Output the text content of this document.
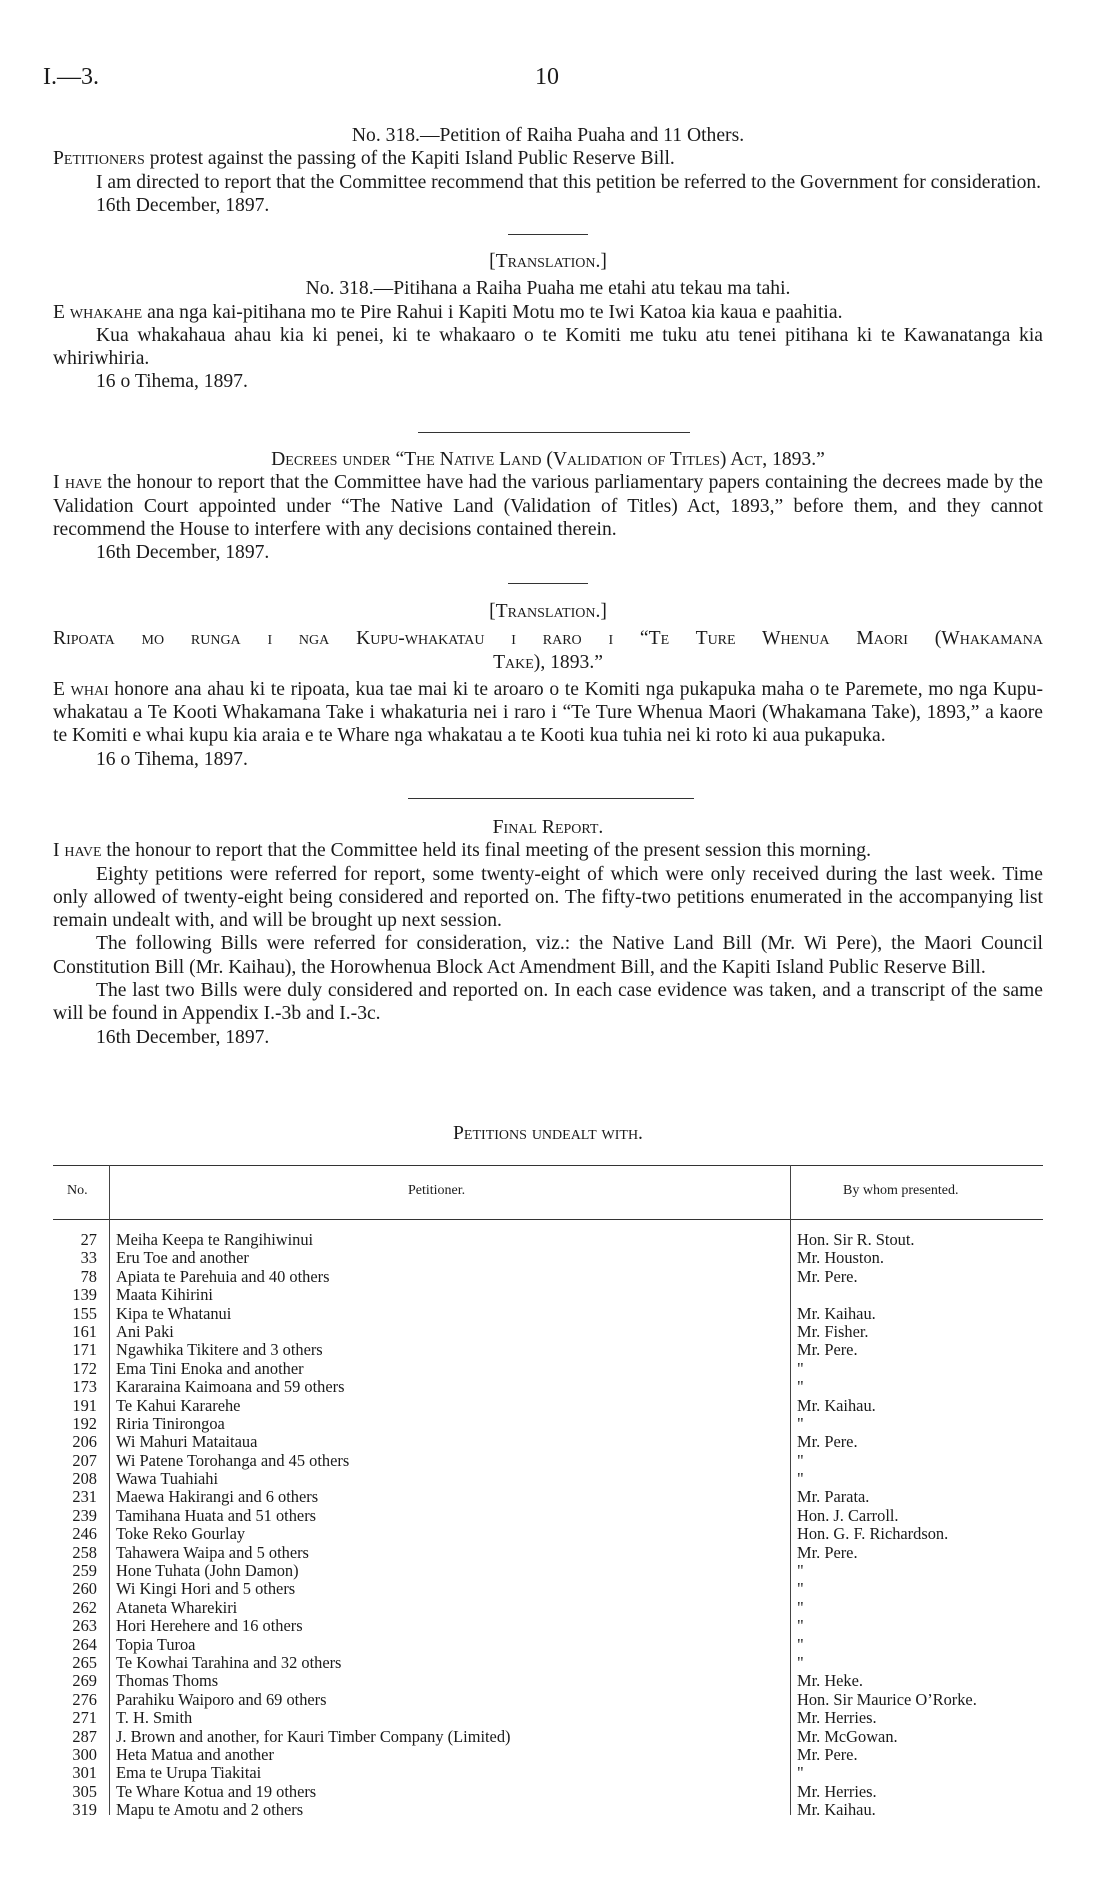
I.—3.	10

No. 318.—Petition of Raiha Puaha and 11 Others.

Petitioners protest against the passing of the Kapiti Island Public Reserve Bill.

I am directed to report that the Committee recommend that this petition be referred to the Government for consideration.

16th December, 1897.

[Translation.]

No. 318.—Pitihana a Raiha Puaha me etahi atu tekau ma tahi.

E whakahe ana nga kai-pitihana mo te Pire Rahui i Kapiti Motu mo te Iwi Katoa kia kaua e paahitia.

Kua whakahaua ahau kia ki penei, ki te whakaaro o te Komiti me tuku atu tenei pitihana ki te Kawanatanga kia whiriwhiria.

16 o Tihema, 1897.

Decrees under “The Native Land (Validation of Titles) Act, 1893.”

I have the honour to report that the Committee have had the various parliamentary papers containing the decrees made by the Validation Court appointed under “The Native Land (Validation of Titles) Act, 1893,” before them, and they cannot recommend the House to interfere with any decisions contained therein.

16th December, 1897.

[Translation.]

Ripoata mo runga i nga Kupu-whakatau i raro i “Te Ture Whenua Maori (Whakamana

Take), 1893.”

E whai honore ana ahau ki te ripoata, kua tae mai ki te aroaro o te Komiti nga pukapuka maha o te Paremete, mo nga Kupu-whakatau a Te Kooti Whakamana Take i whakaturia nei i raro i “Te Ture Whenua Maori (Whakamana Take), 1893,” a kaore te Komiti e whai kupu kia araia e te Whare nga whakatau a te Kooti kua tuhia nei ki roto ki aua pukapuka.

16 o Tihema, 1897.

Final Report.

I have the honour to report that the Committee held its final meeting of the present session this morning.

Eighty petitions were referred for report, some twenty-eight of which were only received during the last week. Time only allowed of twenty-eight being considered and reported on. The fifty-two petitions enumerated in the accompanying list remain undealt with, and will be brought up next session.

The following Bills were referred for consideration, viz.: the Native Land Bill (Mr. Wi Pere), the Maori Council Constitution Bill (Mr. Kaihau), the Horowhenua Block Act Amendment Bill, and the Kapiti Island Public Reserve Bill.

The last two Bills were duly considered and reported on. In each case evidence was taken, and a transcript of the same will be found in Appendix I.-3b and I.-3c.

16th December, 1897.

Petitions undealt with.
No.	Petitioner.	By whom presented.
27 Meiha Keepa te Rangihiwinui	Hon. Sir R. Stout.
33 Eru Toe and another	Mr. Houston.
78 Apiata te Parehuia and 40 others	Mr. Pere.
139 Maata Kihirini
155 Kipa te Whatanui	Mr. Kaihau.
161 Ani Paki	Mr. Fisher.
171 Ngawhika Tikitere and 3 others	Mr. Pere.
172 Ema Tini Enoka and another	"
173 Kararaina Kaimoana and 59 others	"
191 Te Kahui Kararehe	Mr. Kaihau.
192 Riria Tinirongoa	"
206 Wi Mahuri Mataitaua	Mr. Pere.
207 Wi Patene Torohanga and 45 others	"
208 Wawa Tuahiahi	"
231 Maewa Hakirangi and 6 others	Mr. Parata.
239 Tamihana Huata and 51 others	Hon. J. Carroll.
246 Toke Reko Gourlay	Hon. G. F. Richardson.
258 Tahawera Waipa and 5 others	Mr. Pere.
259 Hone Tuhata (John Damon)	"
260 Wi Kingi Hori and 5 others	"
262 Ataneta Wharekiri	"
263 Hori Herehere and 16 others	"
264 Topia Turoa	"
265 Te Kowhai Tarahina and 32 others	"
269 Thomas Thoms	Mr. Heke.
276 Parahiku Waiporo and 69 others	Hon. Sir Maurice O’Rorke.
271 T. H. Smith	Mr. Herries.
287 J. Brown and another, for Kauri Timber Company (Limited)	Mr. McGowan.
300 Heta Matua and another	Mr. Pere.
301 Ema te Urupa Tiakitai	"
305 Te Whare Kotua and 19 others	Mr. Herries.
319 Mapu te Amotu and 2 others	Mr. Kaihau.
